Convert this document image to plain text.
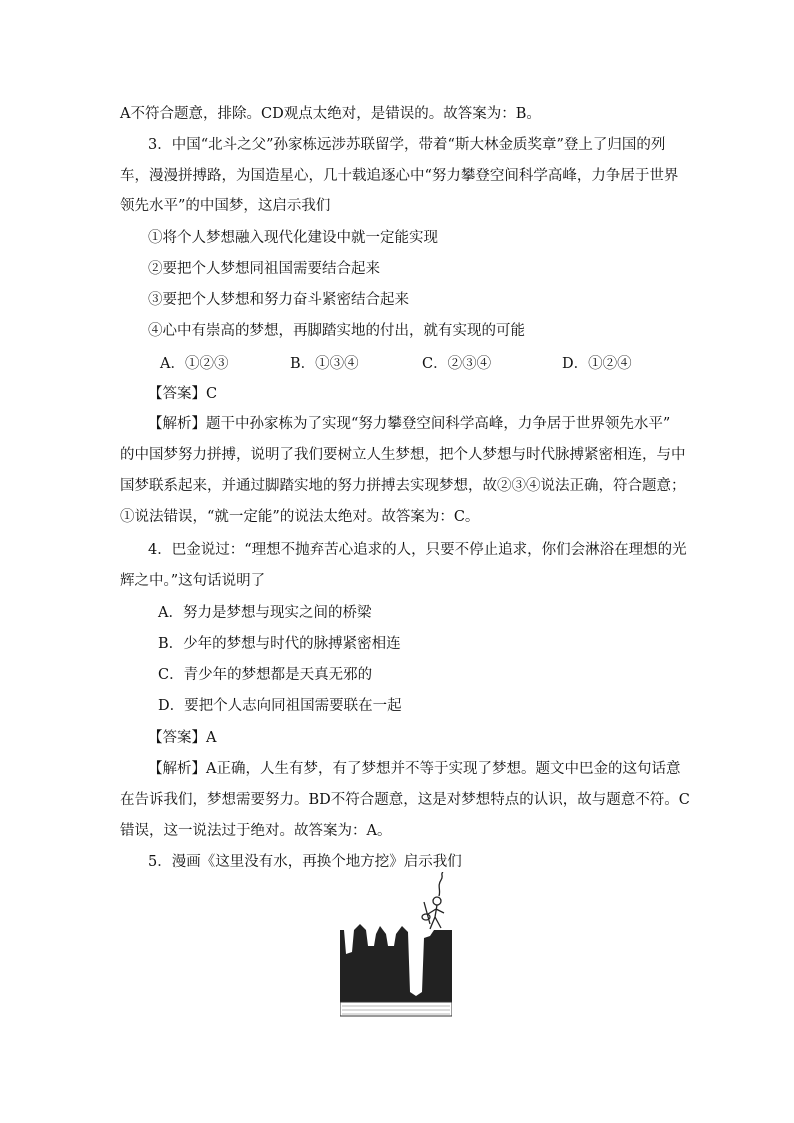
A不符合题意，排除。CD观点太绝对，是错误的。故答案为：B。
3．中国“北斗之父”孙家栋远涉苏联留学，带着“斯大林金质奖章”登上了归国的列
车，漫漫拼搏路，为国造星心，几十载追逐心中“努力攀登空间科学高峰，力争居于世界
领先水平”的中国梦，这启示我们
①将个人梦想融入现代化建设中就一定能实现
②要把个人梦想同祖国需要结合起来
③要把个人梦想和努力奋斗紧密结合起来
④心中有崇高的梦想，再脚踏实地的付出，就有实现的可能
A．①②③	B．①③④	C．②③④	D．①②④
【答案】C
【解析】题干中孙家栋为了实现“努力攀登空间科学高峰，力争居于世界领先水平”
的中国梦努力拼搏，说明了我们要树立人生梦想，把个人梦想与时代脉搏紧密相连，与中
国梦联系起来，并通过脚踏实地的努力拼搏去实现梦想，故②③④说法正确，符合题意；
①说法错误，“就一定能”的说法太绝对。故答案为：C。
4．巴金说过：“理想不抛弃苦心追求的人，只要不停止追求，你们会淋浴在理想的光
辉之中。”这句话说明了
A．努力是梦想与现实之间的桥梁
B．少年的梦想与时代的脉搏紧密相连
C．青少年的梦想都是天真无邪的
D．要把个人志向同祖国需要联在一起
【答案】A
【解析】A正确，人生有梦，有了梦想并不等于实现了梦想。题文中巴金的这句话意
在告诉我们，梦想需要努力。BD不符合题意，这是对梦想特点的认识，故与题意不符。C
错误，这一说法过于绝对。故答案为：A。
5．漫画《这里没有水，再换个地方挖》启示我们
